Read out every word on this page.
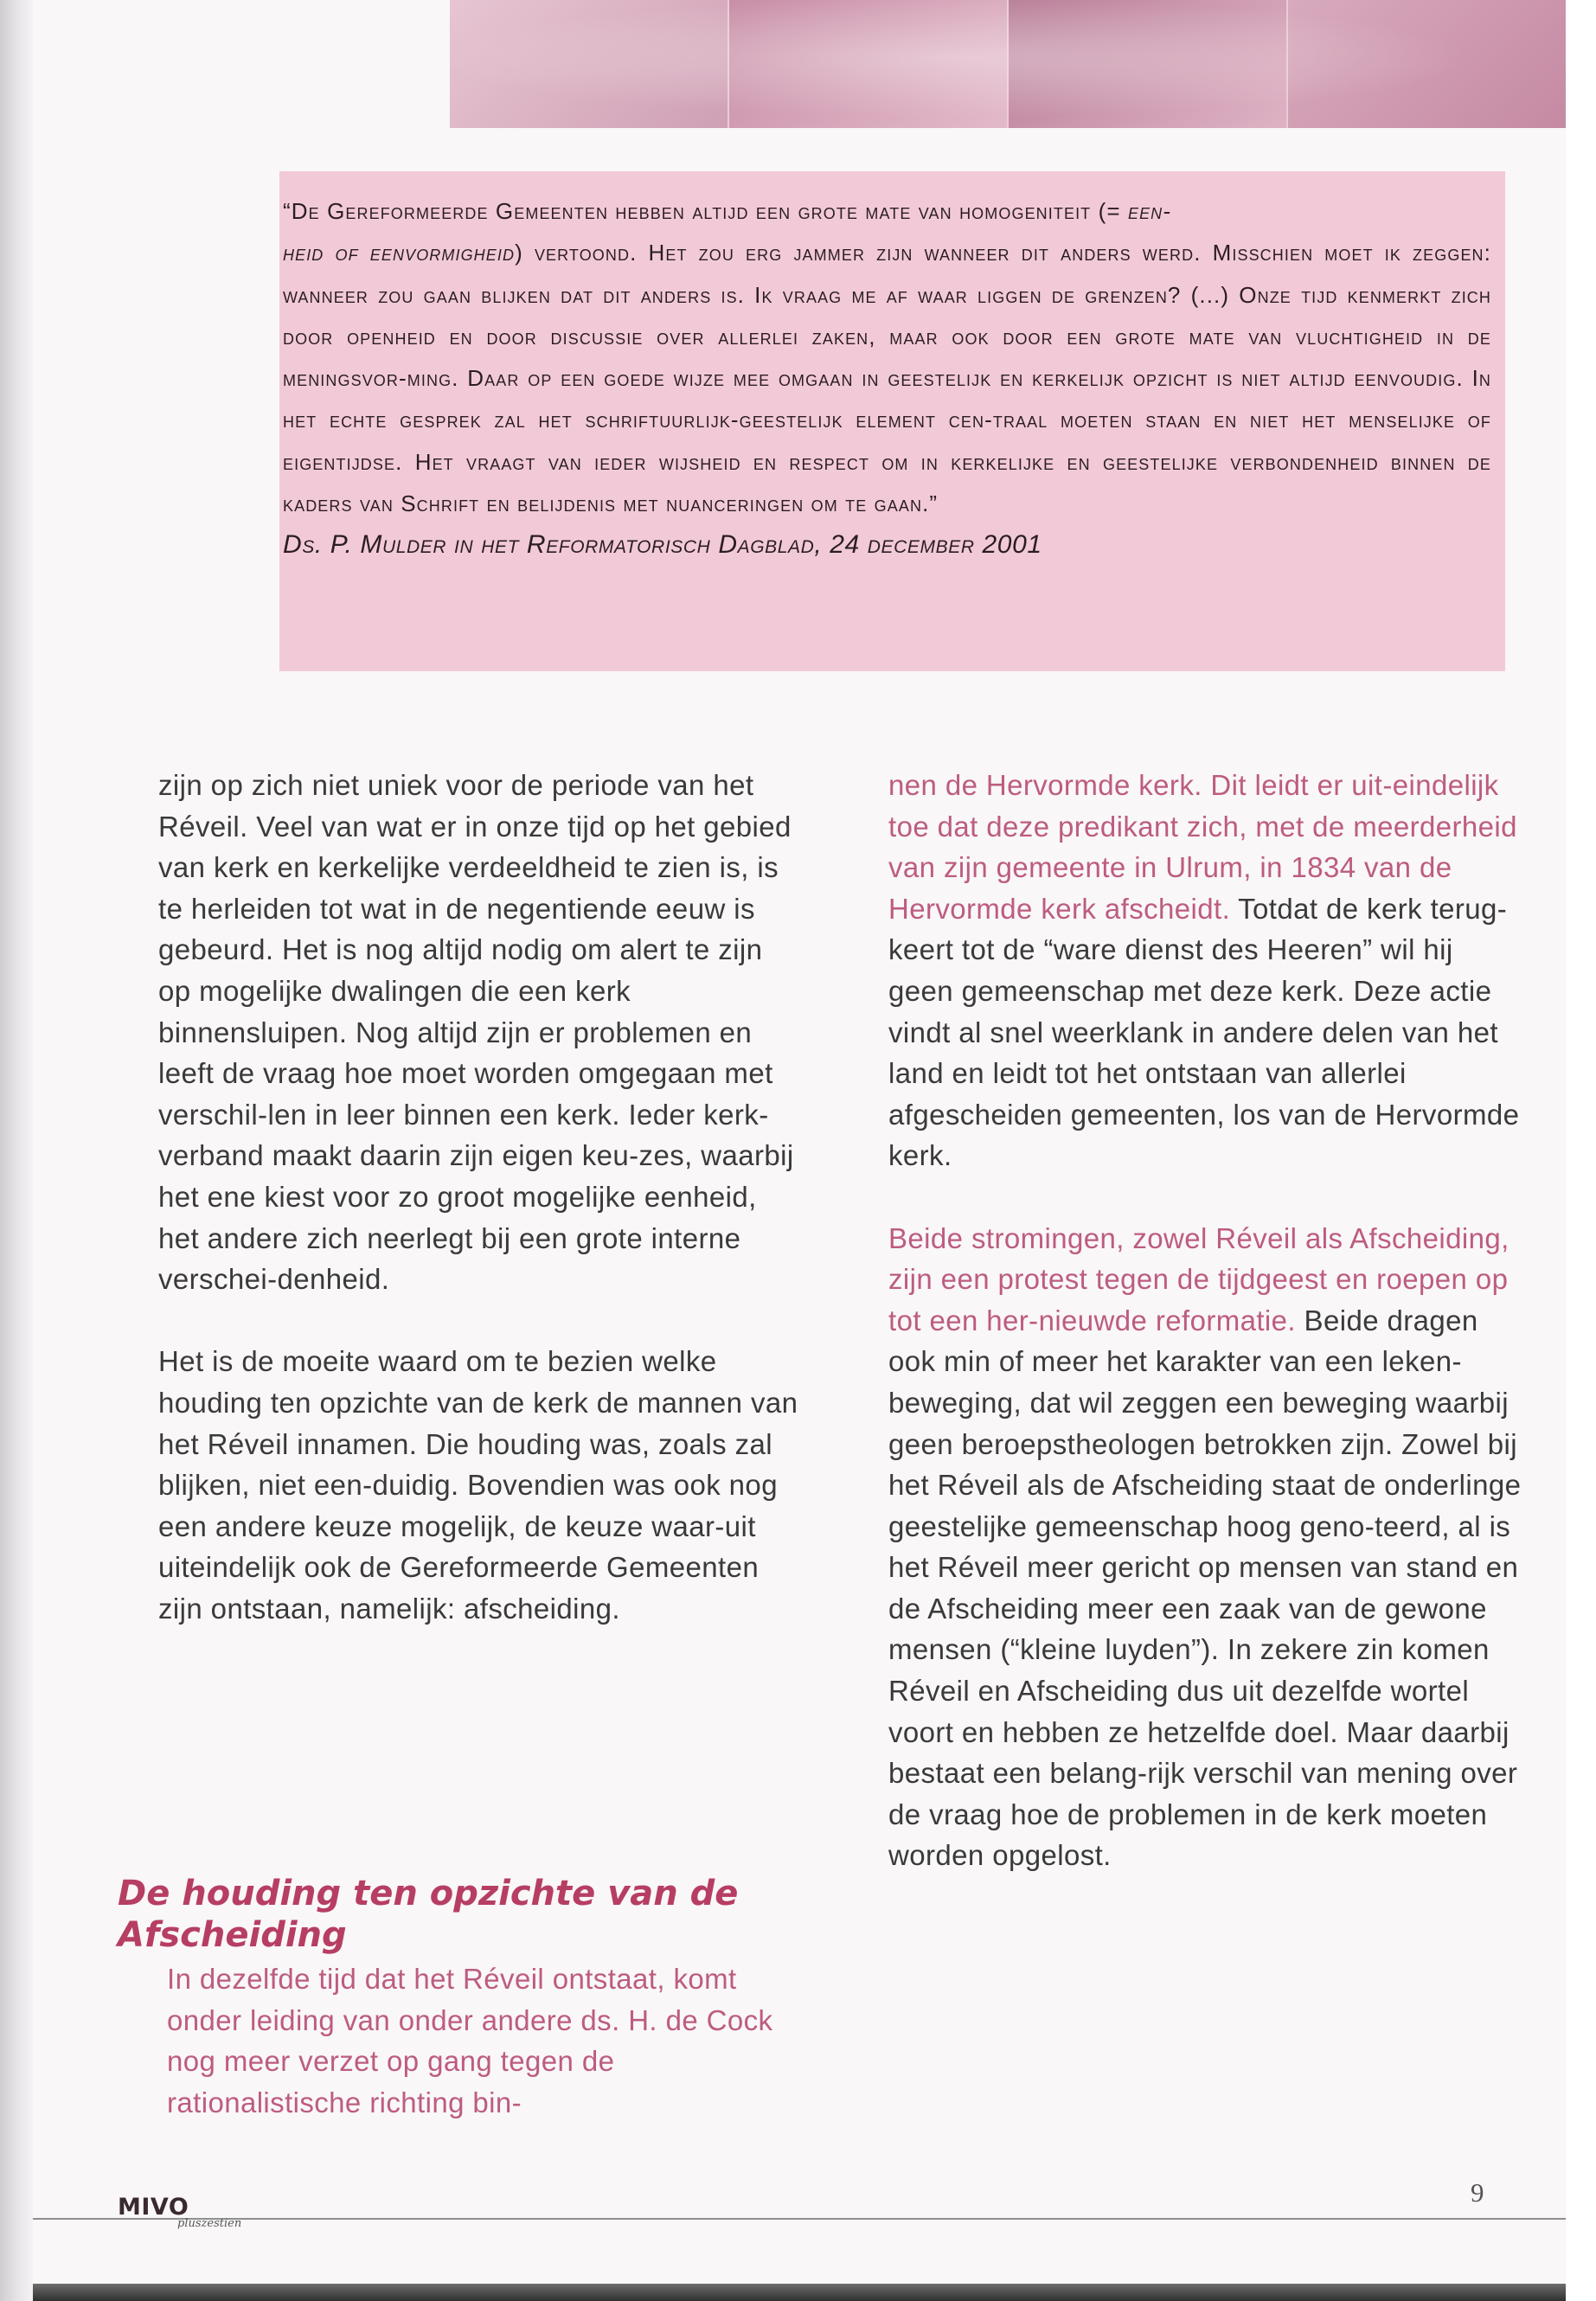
“De Gereformeerde Gemeenten hebben altijd een grote mate van homogeniteit (= een-
heid of eenvormigheid) vertoond. Het zou erg jammer zijn wanneer dit anders werd. Misschien moet ik zeggen: wanneer zou gaan blijken dat dit anders is. Ik vraag me af waar liggen de grenzen? (...) Onze tijd kenmerkt zich door openheid en door discussie over allerlei zaken, maar ook door een grote mate van vluchtigheid in de meningsvor-ming. Daar op een goede wijze mee omgaan in geestelijk en kerkelijk opzicht is niet altijd eenvoudig. In het echte gesprek zal het schriftuurlijk-geestelijk element cen-traal moeten staan en niet het menselijke of eigentijdse. Het vraagt van ieder wijsheid en respect om in kerkelijke en geestelijke verbondenheid binnen de kaders van Schrift en belijdenis met nuanceringen om te gaan.”

Ds. P. Mulder in het Reformatorisch Dagblad, 24 december 2001

zijn op zich niet uniek voor de periode van het Réveil. Veel van wat er in onze tijd op het gebied van kerk en kerkelijke verdeeldheid te zien is, is te herleiden tot wat in de negentiende eeuw is gebeurd. Het is nog altijd nodig om alert te zijn op mogelijke dwalingen die een kerk binnensluipen. Nog altijd zijn er problemen en leeft de vraag hoe moet worden omgegaan met verschil-len in leer binnen een kerk. Ieder kerk-verband maakt daarin zijn eigen keu-zes, waarbij het ene kiest voor zo groot mogelijke eenheid, het andere zich neerlegt bij een grote interne verschei-denheid.

Het is de moeite waard om te bezien welke houding ten opzichte van de kerk de mannen van het Réveil innamen. Die houding was, zoals zal blijken, niet een-duidig. Bovendien was ook nog een andere keuze mogelijk, de keuze waar-uit uiteindelijk ook de Gereformeerde Gemeenten zijn ontstaan, namelijk: afscheiding.

De houding ten opzichte van de Afscheiding

In dezelfde tijd dat het Réveil ontstaat, komt onder leiding van onder andere ds. H. de Cock nog meer verzet op gang tegen de rationalistische richting bin-

nen de Hervormde kerk. Dit leidt er uit-eindelijk toe dat deze predikant zich, met de meerderheid van zijn gemeente in Ulrum, in 1834 van de Hervormde kerk afscheidt. Totdat de kerk terug-keert tot de “ware dienst des Heeren” wil hij geen gemeenschap met deze kerk. Deze actie vindt al snel weerklank in andere delen van het land en leidt tot het ontstaan van allerlei afgescheiden gemeenten, los van de Hervormde kerk.

Beide stromingen, zowel Réveil als Afscheiding, zijn een protest tegen de tijdgeest en roepen op tot een her-nieuwde reformatie. Beide dragen ook min of meer het karakter van een leken-beweging, dat wil zeggen een beweging waarbij geen beroepstheologen betrokken zijn. Zowel bij het Réveil als de Afscheiding staat de onderlinge geestelijke gemeenschap hoog geno-teerd, al is het Réveil meer gericht op mensen van stand en de Afscheiding meer een zaak van de gewone mensen (“kleine luyden”). In zekere zin komen Réveil en Afscheiding dus uit dezelfde wortel voort en hebben ze hetzelfde doel. Maar daarbij bestaat een belang-rijk verschil van mening over de vraag hoe de problemen in de kerk moeten worden opgelost.

MIVO
pluszestien
9
